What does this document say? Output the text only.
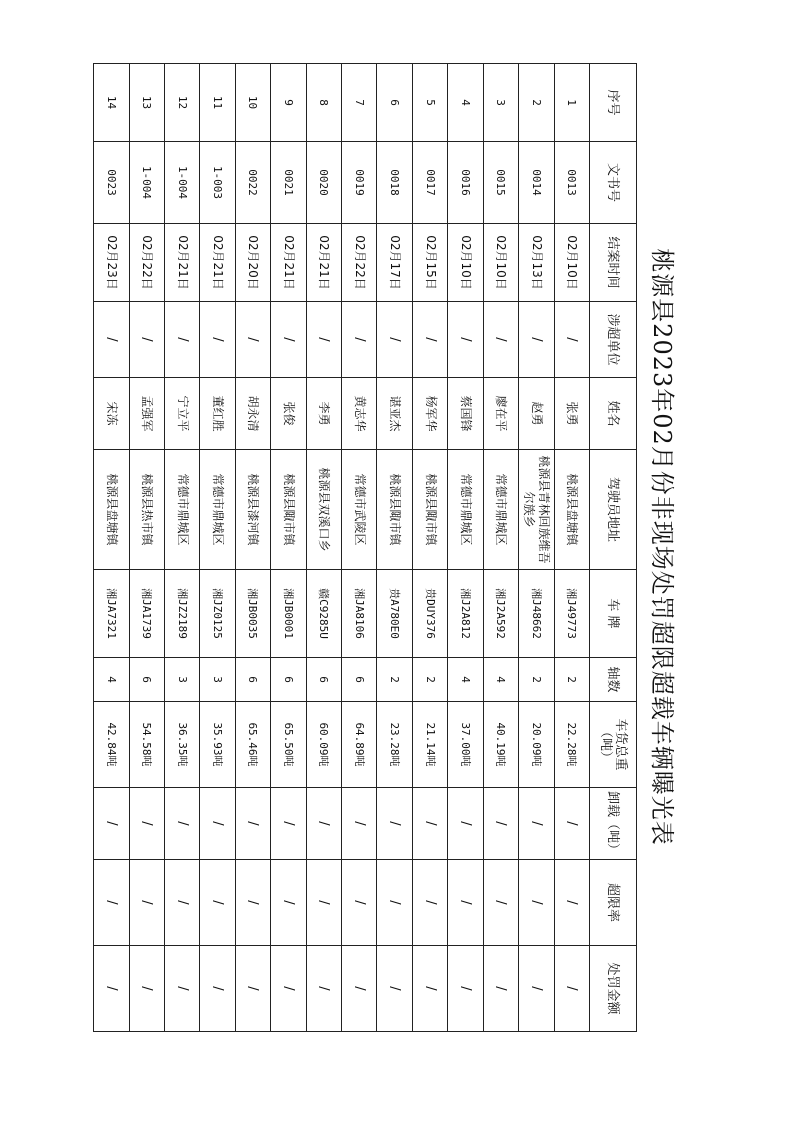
桃源县2023年02月份非现场处罚超限超载车辆曝光表
序号	文书号	结案时间	涉超单位	姓名	驾驶员地址	车 牌	轴数	车货总重（吨）	卸载（吨）	超限率	处罚金额
1	0013	02月10日	/	张勇	桃源县盘塘镇	湘J49773	2	22.28吨	/	/	/
2	0014	02月13日	/	赵勇	桃源县青林回族维吾尔族乡	湘J48662	2	20.09吨	/	/	/
3	0015	02月10日	/	廖在平	常德市鼎城区	湘J2A592	4	40.19吨	/	/	/
4	0016	02月10日	/	蔡国锋	常德市鼎城区	湘J2A812	4	37.00吨	/	/	/
5	0017	02月15日	/	杨军华	桃源县陬市镇	贵DUY376	2	21.14吨	/	/	/
6	0018	02月17日	/	谌亚杰	桃源县陬市镇	贵A780E0	2	23.28吨	/	/	/
7	0019	02月22日	/	黄志华	常德市武陵区	湘JA8106	6	64.89吨	/	/	/
8	0020	02月21日	/	李勇	桃源县双溪口乡	赣C9285U	6	60.09吨	/	/	/
9	0021	02月21日	/	张俊	桃源县陬市镇	湘JB0001	6	65.50吨	/	/	/
10	0022	02月20日	/	胡永清	桃源县漆河镇	湘JB0035	6	65.46吨	/	/	/
11	1-003	02月21日	/	董红胜	常德市鼎城区	湘JZ0125	3	35.93吨	/	/	/
12	1-004	02月21日	/	宁立平	常德市鼎城区	湘JZ2189	3	36.35吨	/	/	/
13	1-004	02月22日	/	孟强军	桃源县热市镇	湘JA1739	6	54.58吨	/	/	/
14	0023	02月23日	/	宋冻	桃源县盘塘镇	湘JA7321	4	42.84吨	/	/	/
